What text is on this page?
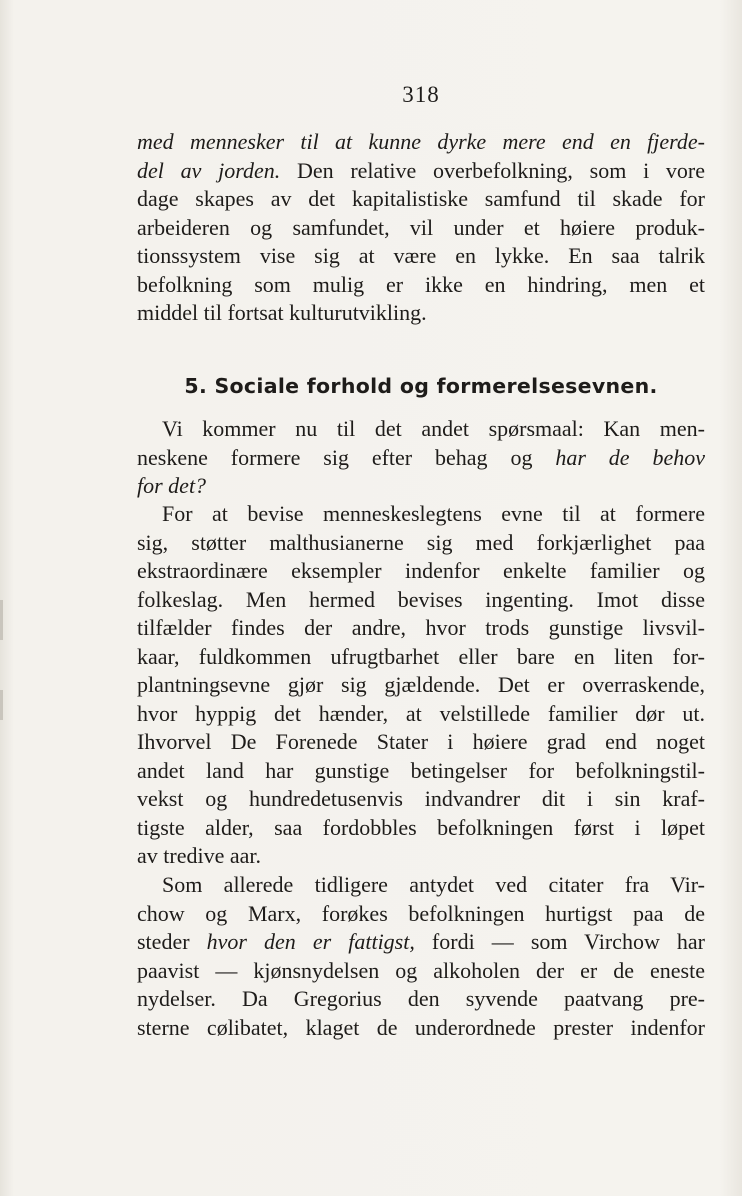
318
med mennesker til at kunne dyrke mere end en fjerde-
del av jorden. Den relative overbefolkning, som i vore
dage skapes av det kapitalistiske samfund til skade for
arbeideren og samfundet, vil under et høiere produk-
tionssystem vise sig at være en lykke. En saa talrik
befolkning som mulig er ikke en hindring, men et
middel til fortsat kulturutvikling.
5. Sociale forhold og formerelsesevnen.
Vi kommer nu til det andet spørsmaal: Kan men-
neskene formere sig efter behag og har de behov
for det?
For at bevise menneskeslegtens evne til at formere
sig, støtter malthusianerne sig med forkjærlighet paa
ekstraordinære eksempler indenfor enkelte familier og
folkeslag. Men hermed bevises ingenting. Imot disse
tilfælder findes der andre, hvor trods gunstige livsvil-
kaar, fuldkommen ufrugtbarhet eller bare en liten for-
plantningsevne gjør sig gjældende. Det er overraskende,
hvor hyppig det hænder, at velstillede familier dør ut.
Ihvorvel De Forenede Stater i høiere grad end noget
andet land har gunstige betingelser for befolkningstil-
vekst og hundredetusenvis indvandrer dit i sin kraf-
tigste alder, saa fordobbles befolkningen først i løpet
av tredive aar.
Som allerede tidligere antydet ved citater fra Vir-
chow og Marx, forøkes befolkningen hurtigst paa de
steder hvor den er fattigst, fordi — som Virchow har
paavist — kjønsnydelsen og alkoholen der er de eneste
nydelser. Da Gregorius den syvende paatvang pre-
sterne cølibatet, klaget de underordnede prester indenfor
